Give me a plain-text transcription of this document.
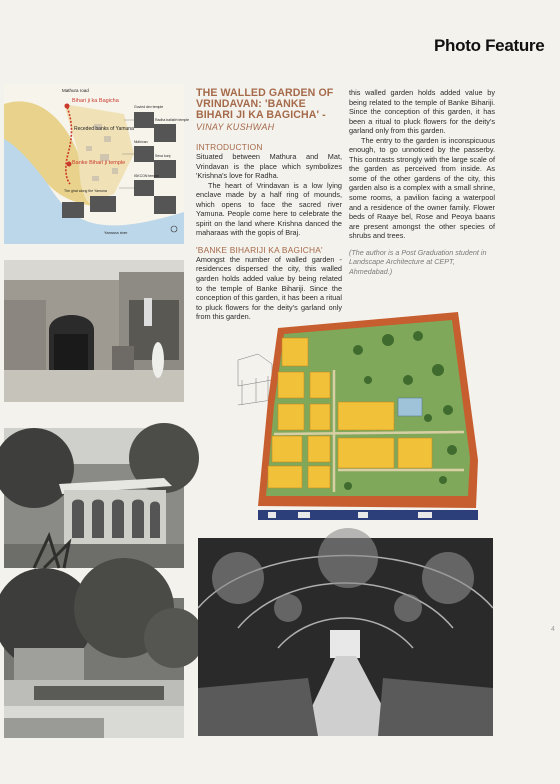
Photo Feature
Mathura road
Bihari ji ka Bagicha
Receded banks of Yamuna
Banke Bihari ji temple
Govind dev temple
Radha ballabh temple
The ghat along the Yamuna
Nidhivan
Seva kunj
ISKCON temple
Yamuna river
THE WALLED GARDEN OF VRINDAVAN: 'BANKE BIHARI JI KA BAGICHA' -
VINAY KUSHWAH
INTRODUCTION

Situated between Mathura and Mat, Vrindavan is the place which symbolizes 'Krishna's love for Radha.

The heart of Vrindavan is a low lying enclave made by a half ring of mounds, which opens to face the sacred river Yamuna. People come here to celebrate the spirit on the land where Krishna danced the maharaas with the gopis of Braj.

'BANKE BIHARIJI KA BAGICHA'

Amongst the number of walled garden - residences dispersed the city, this walled garden holds added value by being related to the temple of Banke Bihariji. Since the conception of this garden, it has been a ritual to pluck flowers for the deity's garland only from this garden.

this walled garden holds added value by being related to the temple of Banke Bihariji. Since the conception of this garden, it has been a ritual to pluck flowers for the deity's garland only from this garden.

The entry to the garden is inconspicuous enough, to go unnoticed by the passerby. This contrasts strongly with the large scale of the garden as perceived from inside. As some of the other gardens of the city, this garden also is a complex with a small shrine, some rooms, a pavilion facing a waterpool and a residence of the owner family. Flower beds of Raaye bel, Rose and Peoya baans are present amongst the other species of shrubs and trees.

(The author is a Post Graduation student in Landscape Architecture at CEPT, Ahmedabad.)

4
